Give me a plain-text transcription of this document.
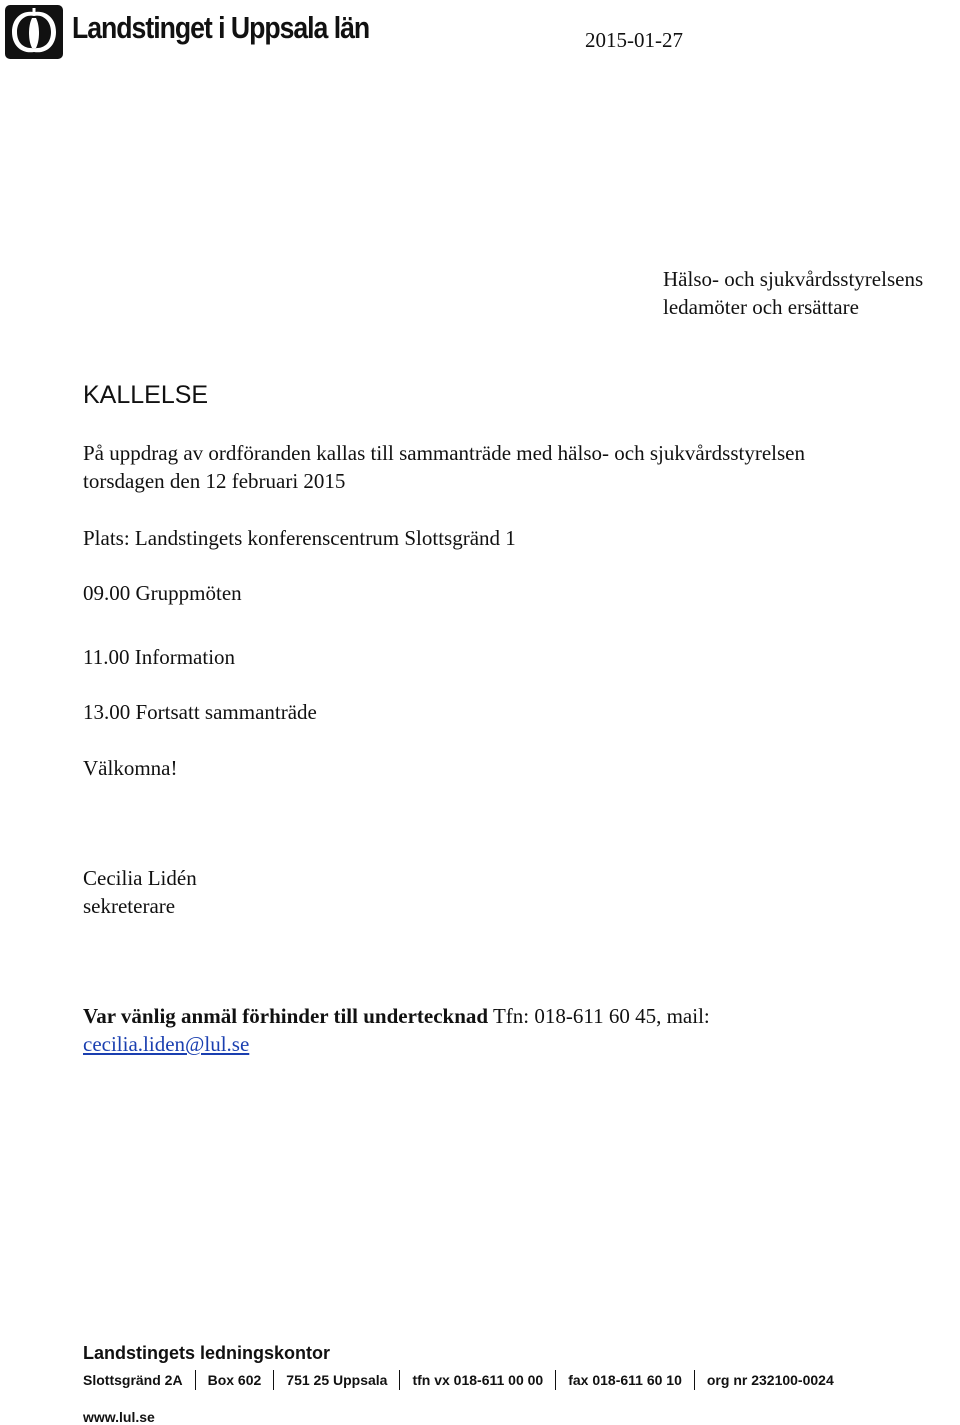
Landstinget i Uppsala län	2015-01-27
Hälso- och sjukvårdsstyrelsens
ledamöter och ersättare
KALLELSE
På uppdrag av ordföranden kallas till sammanträde med hälso- och sjukvårdsstyrelsen
torsdagen den 12 februari 2015
Plats: Landstingets konferenscentrum Slottsgränd 1
09.00 Gruppmöten
11.00 Information
13.00 Fortsatt sammanträde
Välkomna!
Cecilia Lidén
sekreterare
Var vänlig anmäl förhinder till undertecknad Tfn: 018-611 60 45, mail:
cecilia.liden@lul.se
Landstingets ledningskontor
Slottsgränd 2A Box 602 751 25 Uppsala tfn vx 018-611 00 00 fax 018-611 60 10 org nr 232100-0024
www.lul.se
